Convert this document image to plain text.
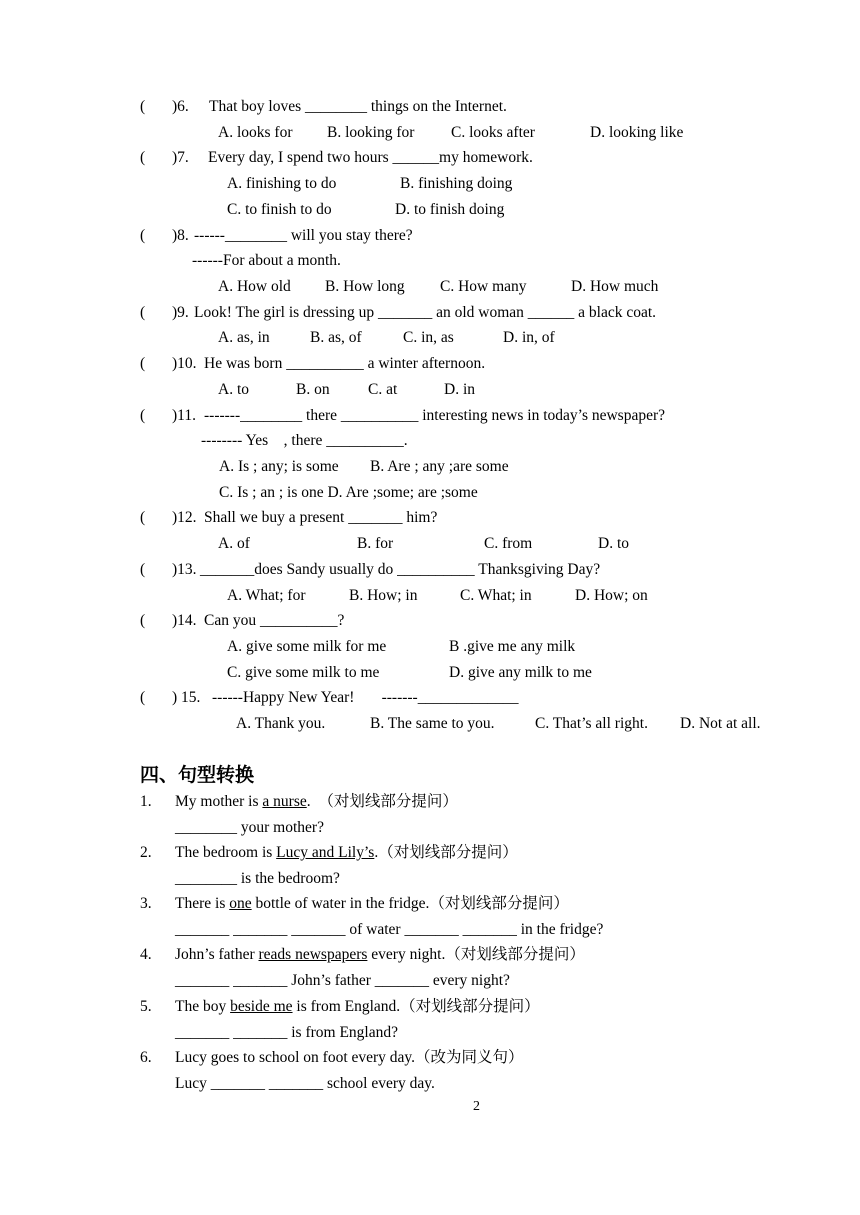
( )6. That boy loves ________ things on the Internet.
A. looks for B. looking for C. looks after	D. looking like
( )7. Every day, I spend two hours ______my homework.
A. finishing to do	B. finishing doing
C. to finish to do	D. to finish doing
( )8. ------________ will you stay there?
------For about a month.
A. How old B. How long C. How many	D. How much
( )9. Look! The girl is dressing up _______ an old woman ______ a black coat.
A. as, in	B. as, of	C. in, as	D. in, of
( )10. He was born __________ a winter afternoon.
A. to	B. on C. at	D. in
( )11. -------________ there __________ interesting news in today’s newspaper?
-------- Yes    , there __________.
A. Is ; any; is some B. Are ; any ;are some
C. Is ; an ; is one D. Are ;some; are ;some
( )12. Shall we buy a present _______ him?
A. of	B. for	C. from	D. to
( )13. _______does Sandy usually do __________ Thanksgiving Day?
A. What; for	B. How; in	C. What; in	D. How; on
( )14. Can you __________?
A. give some milk for me	B .give me any milk
C. give some milk to me	D. give any milk to me
( ) 15. ------Happy New Year!       -------_____________
A. Thank you.	B. The same to you.	C. That’s all right. D. Not at all.
四、句型转换
1. My mother is a nurse.  （对划线部分提问）
________ your mother?
2. The bedroom is Lucy and Lily’s.（对划线部分提问）
________ is the bedroom?
3. There is one bottle of water in the fridge.（对划线部分提问）
_______ _______ _______ of water _______ _______ in the fridge?
4. John’s father reads newspapers every night.（对划线部分提问）
_______ _______ John’s father _______ every night?
5. The boy beside me is from England.（对划线部分提问）
_______ _______ is from England?
6. Lucy goes to school on foot every day.（改为同义句）
Lucy _______ _______ school every day.
2
